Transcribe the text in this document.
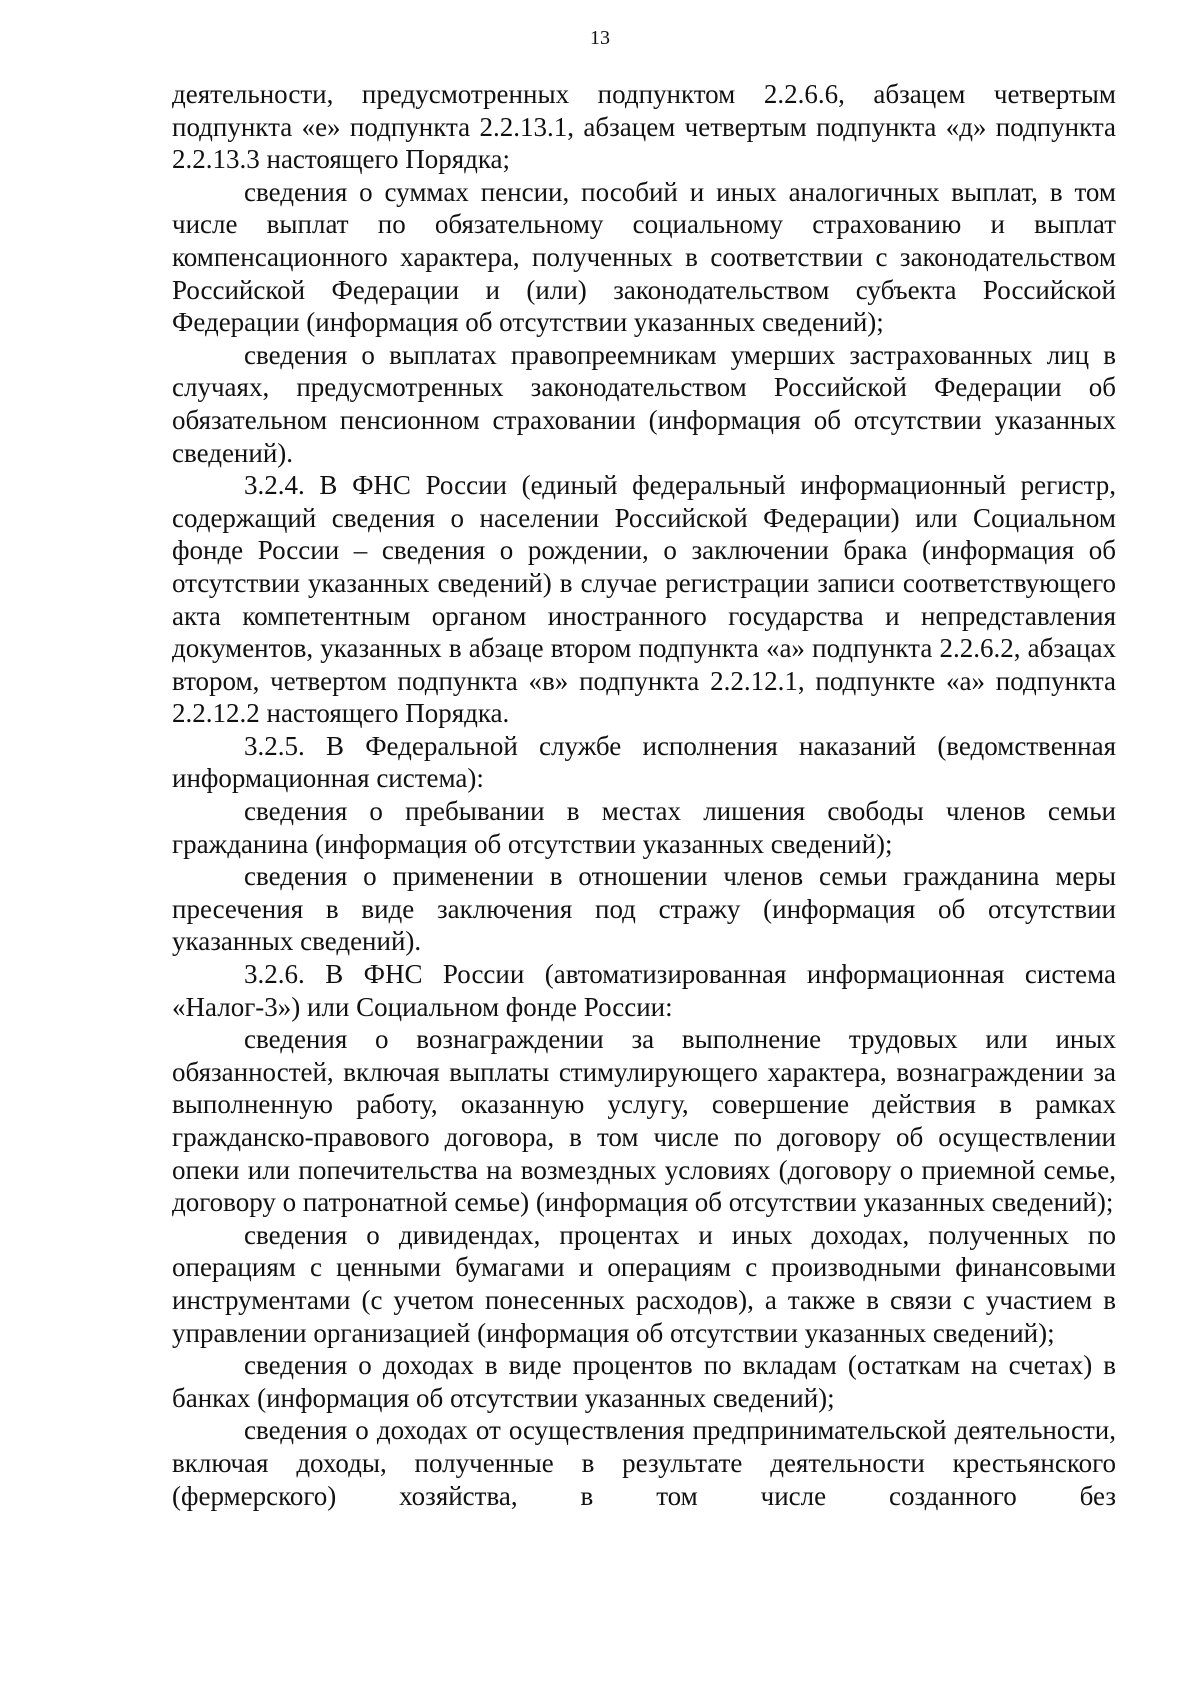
13

деятельности, предусмотренных подпунктом 2.2.6.6, абзацем четвертым подпункта «е» подпункта 2.2.13.1, абзацем четвертым подпункта «д» подпункта 2.2.13.3 настоящего Порядка;

сведения о суммах пенсии, пособий и иных аналогичных выплат, в том числе выплат по обязательному социальному страхованию и выплат компенсационного характера, полученных в соответствии с законодательством Российской Федерации и (или) законодательством субъекта Российской Федерации (информация об отсутствии указанных сведений);

сведения о выплатах правопреемникам умерших застрахованных лиц в случаях, предусмотренных законодательством Российской Федерации об обязательном пенсионном страховании (информация об отсутствии указанных сведений).

3.2.4. В ФНС России (единый федеральный информационный регистр, содержащий сведения о населении Российской Федерации) или Социальном фонде России – сведения о рождении, о заключении брака (информация об отсутствии указанных сведений) в случае регистрации записи соответствующего акта компетентным органом иностранного государства и непредставления документов, указанных в абзаце втором подпункта «а» подпункта 2.2.6.2, абзацах втором, четвертом подпункта «в» подпункта 2.2.12.1, подпункте «а» подпункта 2.2.12.2 настоящего Порядка.

3.2.5. В Федеральной службе исполнения наказаний (ведомственная информационная система):

сведения о пребывании в местах лишения свободы членов семьи гражданина (информация об отсутствии указанных сведений);

сведения о применении в отношении членов семьи гражданина меры пресечения в виде заключения под стражу (информация об отсутствии указанных сведений).

3.2.6. В ФНС России (автоматизированная информационная система «Налог-3») или Социальном фонде России:

сведения о вознаграждении за выполнение трудовых или иных обязанностей, включая выплаты стимулирующего характера, вознаграждении за выполненную работу, оказанную услугу, совершение действия в рамках гражданско-правового договора, в том числе по договору об осуществлении опеки или попечительства на возмездных условиях (договору о приемной семье, договору о патронатной семье) (информация об отсутствии указанных сведений);

сведения о дивидендах, процентах и иных доходах, полученных по операциям с ценными бумагами и операциям с производными финансовыми инструментами (с учетом понесенных расходов), а также в связи с участием в управлении организацией (информация об отсутствии указанных сведений);

сведения о доходах в виде процентов по вкладам (остаткам на счетах) в банках (информация об отсутствии указанных сведений);

сведения о доходах от осуществления предпринимательской деятельности, включая доходы, полученные в результате деятельности крестьянского (фермерского) хозяйства, в том числе созданного без
